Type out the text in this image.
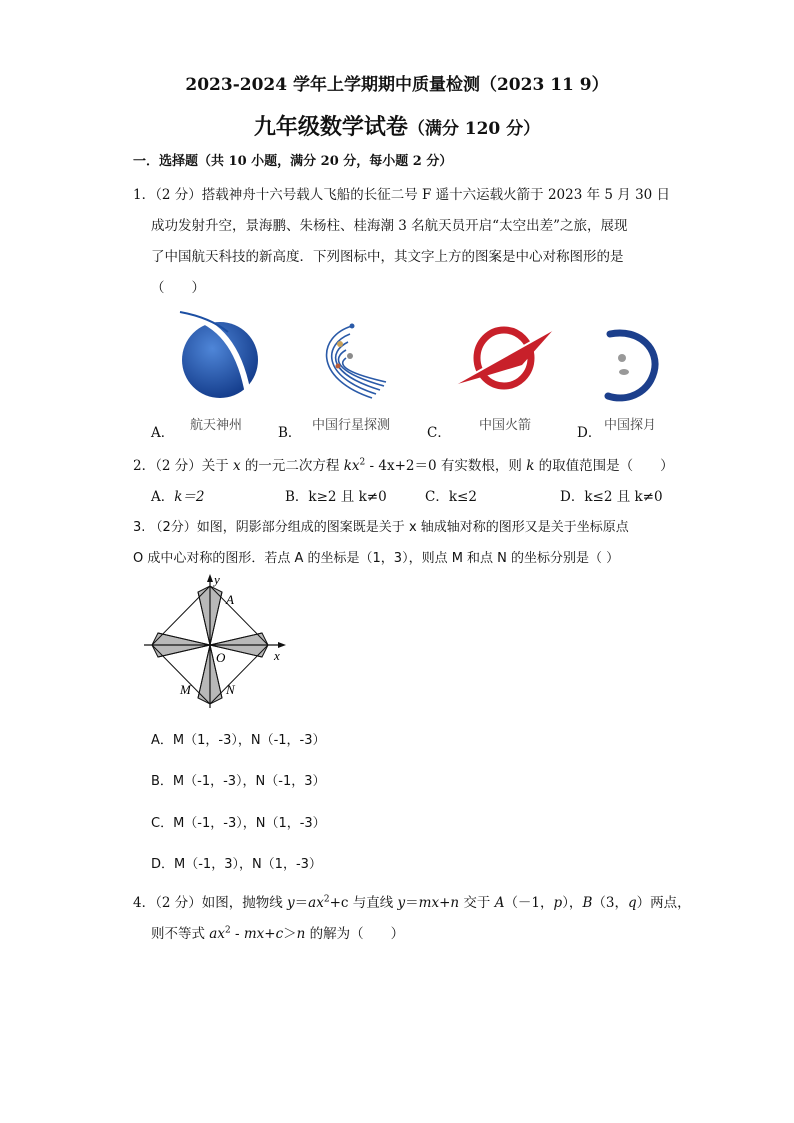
2023-2024 学年上学期期中质量检测（2023 11 9）
九年级数学试卷（满分 120 分）
一．选择题（共 10 小题，满分 20 分，每小题 2 分）
1．（2 分）搭载神舟十六号载人飞船的长征二号 F 遥十六运载火箭于 2023 年 5 月 30 日
成功发射升空，景海鹏、朱杨柱、桂海潮 3 名航天员开启“太空出差”之旅，展现
了中国航天科技的新高度．下列图标中，其文字上方的图案是中心对称图形的是
（　　）
航天神州
A．	中国行星探测
B．	中国火箭
C．	中国探月
D．
2．（2 分）关于 x 的一元二次方程 $kx^2 - 4x+2=0$ 有实数根，则 k 的取值范围是（　　）
A．k＝2	B．k≥2 且 k≠0	C．k≤2	D．k≤2 且 k≠0
3. （2分）如图，阴影部分组成的图案既是关于 x 轴成轴对称的图形又是关于坐标原点
O 成中心对称的图形．若点 A 的坐标是（1，3），则点 M 和点 N 的坐标分别是（ ）
y
x
A
O
M	N
A．M（1，-3），N（-1，-3）
B．M（-1，-3），N（-1，3）
C．M（-1，-3），N（1，-3）
D．M（-1，3），N（1，-3）
4．（2 分）如图，抛物线 $y=ax^2+c$ 与直线 y＝mx+n 交于 A（－1，p），B（3，q）两点，
则不等式 $ax^2 - mx+c>n$ 的解为（　　）
